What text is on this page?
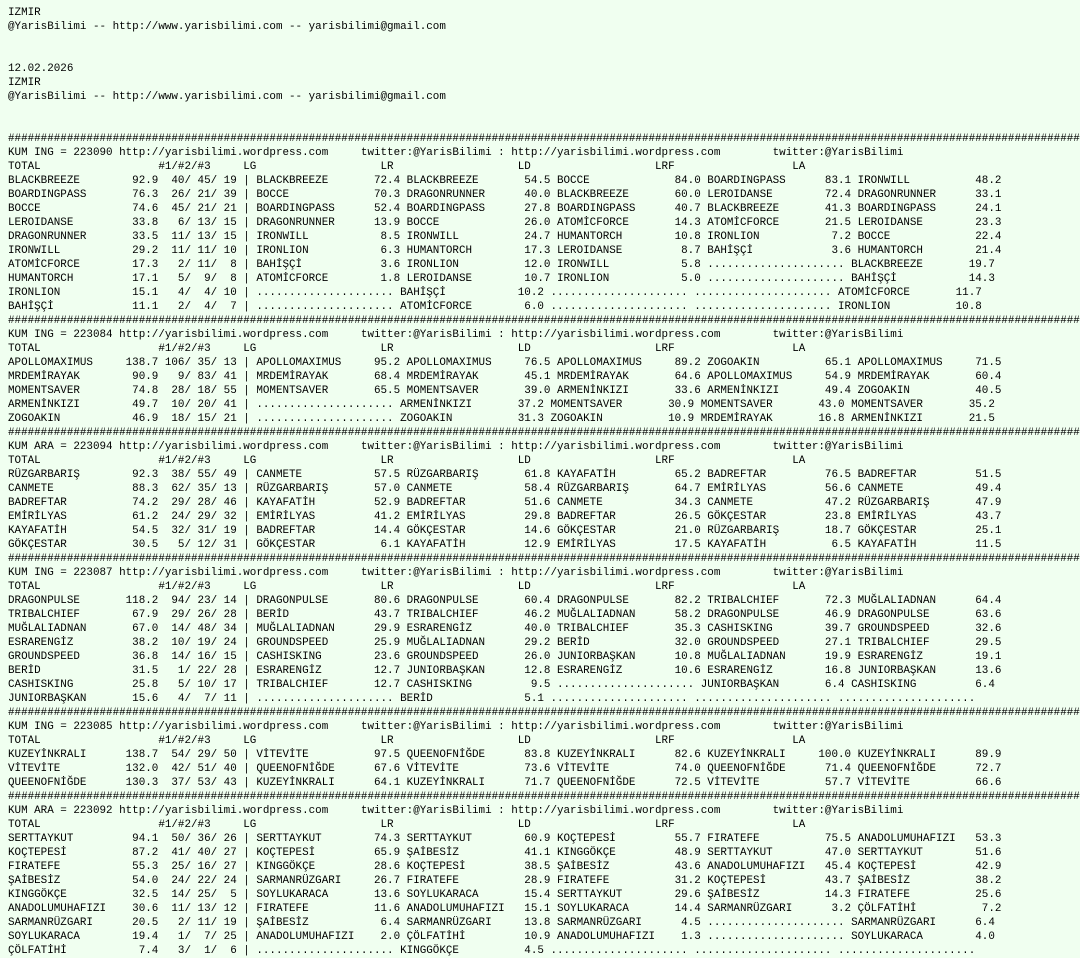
IZMIR
@YarisBilimi -- http://www.yarisbilimi.com -- yarisbilimi@gmail.com
12.02.2026
IZMIR
@YarisBilimi -- http://www.yarisbilimi.com -- yarisbilimi@gmail.com
####################################################################################################################################################################
KUM ING = 223090 http://yarisbilimi.wordpress.com     twitter:@YarisBilimi : http://yarisbilimi.wordpress.com        twitter:@YarisBilimi
TOTAL                  #1/#2/#3     LG                   LR                   LD                   LRF                  LA
BLACKBREEZE        92.9  40/ 45/ 19 | BLACKBREEZE       72.4 BLACKBREEZE       54.5 BOCCE             84.0 BOARDINGPASS      83.1 IRONWILL          48.2
BOARDINGPASS       76.3  26/ 21/ 39 | BOCCE             70.3 DRAGONRUNNER      40.0 BLACKBREEZE       60.0 LEROIDANSE        72.4 DRAGONRUNNER      33.1
BOCCE              74.6  45/ 21/ 21 | BOARDINGPASS      52.4 BOARDINGPASS      27.8 BOARDINGPASS      40.7 BLACKBREEZE       41.3 BOARDINGPASS      24.1
LEROIDANSE         33.8   6/ 13/ 15 | DRAGONRUNNER      13.9 BOCCE             26.0 ATOMİCFORCE       14.3 ATOMİCFORCE       21.5 LEROIDANSE        23.3
DRAGONRUNNER       33.5  11/ 13/ 15 | IRONWILL           8.5 IRONWILL          24.7 HUMANTORCH        10.8 IRONLION           7.2 BOCCE             22.4
IRONWILL           29.2  11/ 11/ 10 | IRONLION           6.3 HUMANTORCH        17.3 LEROIDANSE         8.7 BAHİŞÇİ            3.6 HUMANTORCH        21.4
ATOMİCFORCE        17.3   2/ 11/  8 | BAHİŞÇİ            3.6 IRONLION          12.0 IRONWILL           5.8 ..................... BLACKBREEZE       19.7
HUMANTORCH         17.1   5/  9/  8 | ATOMİCFORCE        1.8 LEROIDANSE        10.7 IRONLION           5.0 ..................... BAHİŞÇİ           14.3
IRONLION           15.1   4/  4/ 10 | ..................... BAHİŞÇİ           10.2 ..................... ..................... ATOMİCFORCE       11.7
BAHİŞÇİ            11.1   2/  4/  7 | ..................... ATOMİCFORCE        6.0 ..................... ..................... IRONLION          10.8
####################################################################################################################################################################
KUM ING = 223084 http://yarisbilimi.wordpress.com     twitter:@YarisBilimi : http://yarisbilimi.wordpress.com        twitter:@YarisBilimi
TOTAL                  #1/#2/#3     LG                   LR                   LD                   LRF                  LA
APOLLOMAXIMUS     138.7 106/ 35/ 13 | APOLLOMAXIMUS     95.2 APOLLOMAXIMUS     76.5 APOLLOMAXIMUS     89.2 ZOGOAKIN          65.1 APOLLOMAXIMUS     71.5
MRDEMİRAYAK        90.9   9/ 83/ 41 | MRDEMİRAYAK       68.4 MRDEMİRAYAK       45.1 MRDEMİRAYAK       64.6 APOLLOMAXIMUS     54.9 MRDEMİRAYAK       60.4
MOMENTSAVER        74.8  28/ 18/ 55 | MOMENTSAVER       65.5 MOMENTSAVER       39.0 ARMENİNKIZI       33.6 ARMENİNKIZI       49.4 ZOGOAKIN          40.5
ARMENİNKIZI        49.7  10/ 20/ 41 | ..................... ARMENİNKIZI       37.2 MOMENTSAVER       30.9 MOMENTSAVER       43.0 MOMENTSAVER       35.2
ZOGOAKIN           46.9  18/ 15/ 21 | ..................... ZOGOAKIN          31.3 ZOGOAKIN          10.9 MRDEMİRAYAK       16.8 ARMENİNKIZI       21.5
####################################################################################################################################################################
KUM ARA = 223094 http://yarisbilimi.wordpress.com     twitter:@YarisBilimi : http://yarisbilimi.wordpress.com        twitter:@YarisBilimi
TOTAL                  #1/#2/#3     LG                   LR                   LD                   LRF                  LA
RÜZGARBARIŞ        92.3  38/ 55/ 49 | CANMETE           57.5 RÜZGARBARIŞ       61.8 KAYAFATİH         65.2 BADREFTAR         76.5 BADREFTAR         51.5
CANMETE            88.3  62/ 35/ 13 | RÜZGARBARIŞ       57.0 CANMETE           58.4 RÜZGARBARIŞ       64.7 EMİRİLYAS         56.6 CANMETE           49.4
BADREFTAR          74.2  29/ 28/ 46 | KAYAFATİH         52.9 BADREFTAR         51.6 CANMETE           34.3 CANMETE           47.2 RÜZGARBARIŞ       47.9
EMİRİLYAS          61.2  24/ 29/ 32 | EMİRİLYAS         41.2 EMİRİLYAS         29.8 BADREFTAR         26.5 GÖKÇESTAR         23.8 EMİRİLYAS         43.7
KAYAFATİH          54.5  32/ 31/ 19 | BADREFTAR         14.4 GÖKÇESTAR         14.6 GÖKÇESTAR         21.0 RÜZGARBARIŞ       18.7 GÖKÇESTAR         25.1
GÖKÇESTAR          30.5   5/ 12/ 31 | GÖKÇESTAR          6.1 KAYAFATİH         12.9 EMİRİLYAS         17.5 KAYAFATİH          6.5 KAYAFATİH         11.5
####################################################################################################################################################################
KUM ING = 223087 http://yarisbilimi.wordpress.com     twitter:@YarisBilimi : http://yarisbilimi.wordpress.com        twitter:@YarisBilimi
TOTAL                  #1/#2/#3     LG                   LR                   LD                   LRF                  LA
DRAGONPULSE       118.2  94/ 23/ 14 | DRAGONPULSE       80.6 DRAGONPULSE       60.4 DRAGONPULSE       82.2 TRIBALCHIEF       72.3 MUĞLALIADNAN      64.4
TRIBALCHIEF        67.9  29/ 26/ 28 | BERİD             43.7 TRIBALCHIEF       46.2 MUĞLALIADNAN      58.2 DRAGONPULSE       46.9 DRAGONPULSE       63.6
MUĞLALIADNAN       67.0  14/ 48/ 34 | MUĞLALIADNAN      29.9 ESRARENGİZ        40.0 TRIBALCHIEF       35.3 CASHISKING        39.7 GROUNDSPEED       32.6
ESRARENGİZ         38.2  10/ 19/ 24 | GROUNDSPEED       25.9 MUĞLALIADNAN      29.2 BERİD             32.0 GROUNDSPEED       27.1 TRIBALCHIEF       29.5
GROUNDSPEED        36.8  14/ 16/ 15 | CASHISKING        23.6 GROUNDSPEED       26.0 JUNIORBAŞKAN      10.8 MUĞLALIADNAN      19.9 ESRARENGİZ        19.1
BERİD              31.5   1/ 22/ 28 | ESRARENGİZ        12.7 JUNIORBAŞKAN      12.8 ESRARENGİZ        10.6 ESRARENGİZ        16.8 JUNIORBAŞKAN      13.6
CASHISKING         25.8   5/ 10/ 17 | TRIBALCHIEF       12.7 CASHISKING         9.5 ..................... JUNIORBAŞKAN       6.4 CASHISKING         6.4
JUNIORBAŞKAN       15.6   4/  7/ 11 | ..................... BERİD              5.1 ..................... ..................... .....................
####################################################################################################################################################################
KUM ING = 223085 http://yarisbilimi.wordpress.com     twitter:@YarisBilimi : http://yarisbilimi.wordpress.com        twitter:@YarisBilimi
TOTAL                  #1/#2/#3     LG                   LR                   LD                   LRF                  LA
KUZEYİNKRALI      138.7  54/ 29/ 50 | VİTEVİTE          97.5 QUEENOFNİĞDE      83.8 KUZEYİNKRALI      82.6 KUZEYİNKRALI     100.0 KUZEYİNKRALI      89.9
VİTEVİTE          132.0  42/ 51/ 40 | QUEENOFNİĞDE      67.6 VİTEVİTE          73.6 VİTEVİTE          74.0 QUEENOFNİĞDE      71.4 QUEENOFNİĞDE      72.7
QUEENOFNİĞDE      130.3  37/ 53/ 43 | KUZEYİNKRALI      64.1 KUZEYİNKRALI      71.7 QUEENOFNİĞDE      72.5 VİTEVİTE          57.7 VİTEVİTE          66.6
####################################################################################################################################################################
KUM ARA = 223092 http://yarisbilimi.wordpress.com     twitter:@YarisBilimi : http://yarisbilimi.wordpress.com        twitter:@YarisBilimi
TOTAL                  #1/#2/#3     LG                   LR                   LD                   LRF                  LA
SERTTAYKUT         94.1  50/ 36/ 26 | SERTTAYKUT        74.3 SERTTAYKUT        60.9 KOÇTEPESİ         55.7 FIRATEFE          75.5 ANADOLUMUHAFIZI   53.3
KOÇTEPESİ          87.2  41/ 40/ 27 | KOÇTEPESİ         65.9 ŞAİBESİZ          41.1 KINGGÖKÇE         48.9 SERTTAYKUT        47.0 SERTTAYKUT        51.6
FIRATEFE           55.3  25/ 16/ 27 | KINGGÖKÇE         28.6 KOÇTEPESİ         38.5 ŞAİBESİZ          43.6 ANADOLUMUHAFIZI   45.4 KOÇTEPESİ         42.9
ŞAİBESİZ           54.0  24/ 22/ 24 | SARMANRÜZGARI     26.7 FIRATEFE          28.9 FIRATEFE          31.2 KOÇTEPESİ         43.7 ŞAİBESİZ          38.2
KINGGÖKÇE          32.5  14/ 25/  5 | SOYLUKARACA       13.6 SOYLUKARACA       15.4 SERTTAYKUT        29.6 ŞAİBESİZ          14.3 FIRATEFE          25.6
ANADOLUMUHAFIZI    30.6  11/ 13/ 12 | FIRATEFE          11.6 ANADOLUMUHAFIZI   15.1 SOYLUKARACA       14.4 SARMANRÜZGARI      3.2 ÇÖLFATİHİ          7.2
SARMANRÜZGARI      20.5   2/ 11/ 19 | ŞAİBESİZ           6.4 SARMANRÜZGARI     13.8 SARMANRÜZGARI      4.5 ..................... SARMANRÜZGARI      6.4
SOYLUKARACA        19.4   1/  7/ 25 | ANADOLUMUHAFIZI    2.0 ÇÖLFATİHİ         10.9 ANADOLUMUHAFIZI    1.3 ..................... SOYLUKARACA        4.0
ÇÖLFATİHİ           7.4   3/  1/  6 | ..................... KINGGÖKÇE          4.5 ..................... ..................... .....................
